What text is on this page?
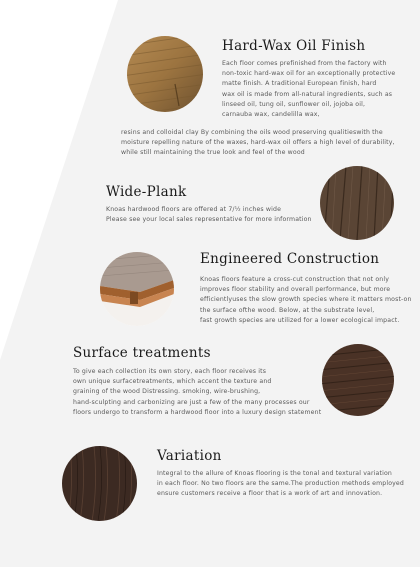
Hard-Wax Oil Finish

Each floor comes prefinished from the factory with
non-toxic hard-wax oil for an exceptionally protective
matte finish. A traditional European finish, hard
wax oil is made from all-natural ingredients, such as
linseed oil, tung oil, sunflower oil, jojoba oil,
carnauba wax, candelilla wax,

resins and colloidal clay By combining the oils wood preserving qualitieswith the
moisture repelling nature of the waxes, hard-wax oil offers a high level of durability,
while still maintaining the true look and feel of the wood

Wide-Plank

Knoas hardwood floors are offered at 7/½ inches wide
Please see your local sales representative for more information

Engineered Construction

Knoas floors feature a cross-cut construction that not only
improves floor stability and overall performance, but more
efficientlyuses the slow growth species where it matters most-on
the surface ofthe wood. Below, at the substrate level,
fast growth species are utilized for a lower ecological impact.

Surface treatments

To give each collection its own story, each floor receives its
own unique surfacetreatments, which accent the texture and
graining of the wood Distressing. smoking, wire-brushing,
hand-sculpting and carbonizing are just a few of the many processes our
floors undergo to transform a hardwood floor into a luxury design statement

Variation

Integral to the allure of Knoas flooring is the tonal and textural variation
in each floor. No two floors are the same.The production methods employed
ensure customers receive a floor that is a work of art and innovation.
